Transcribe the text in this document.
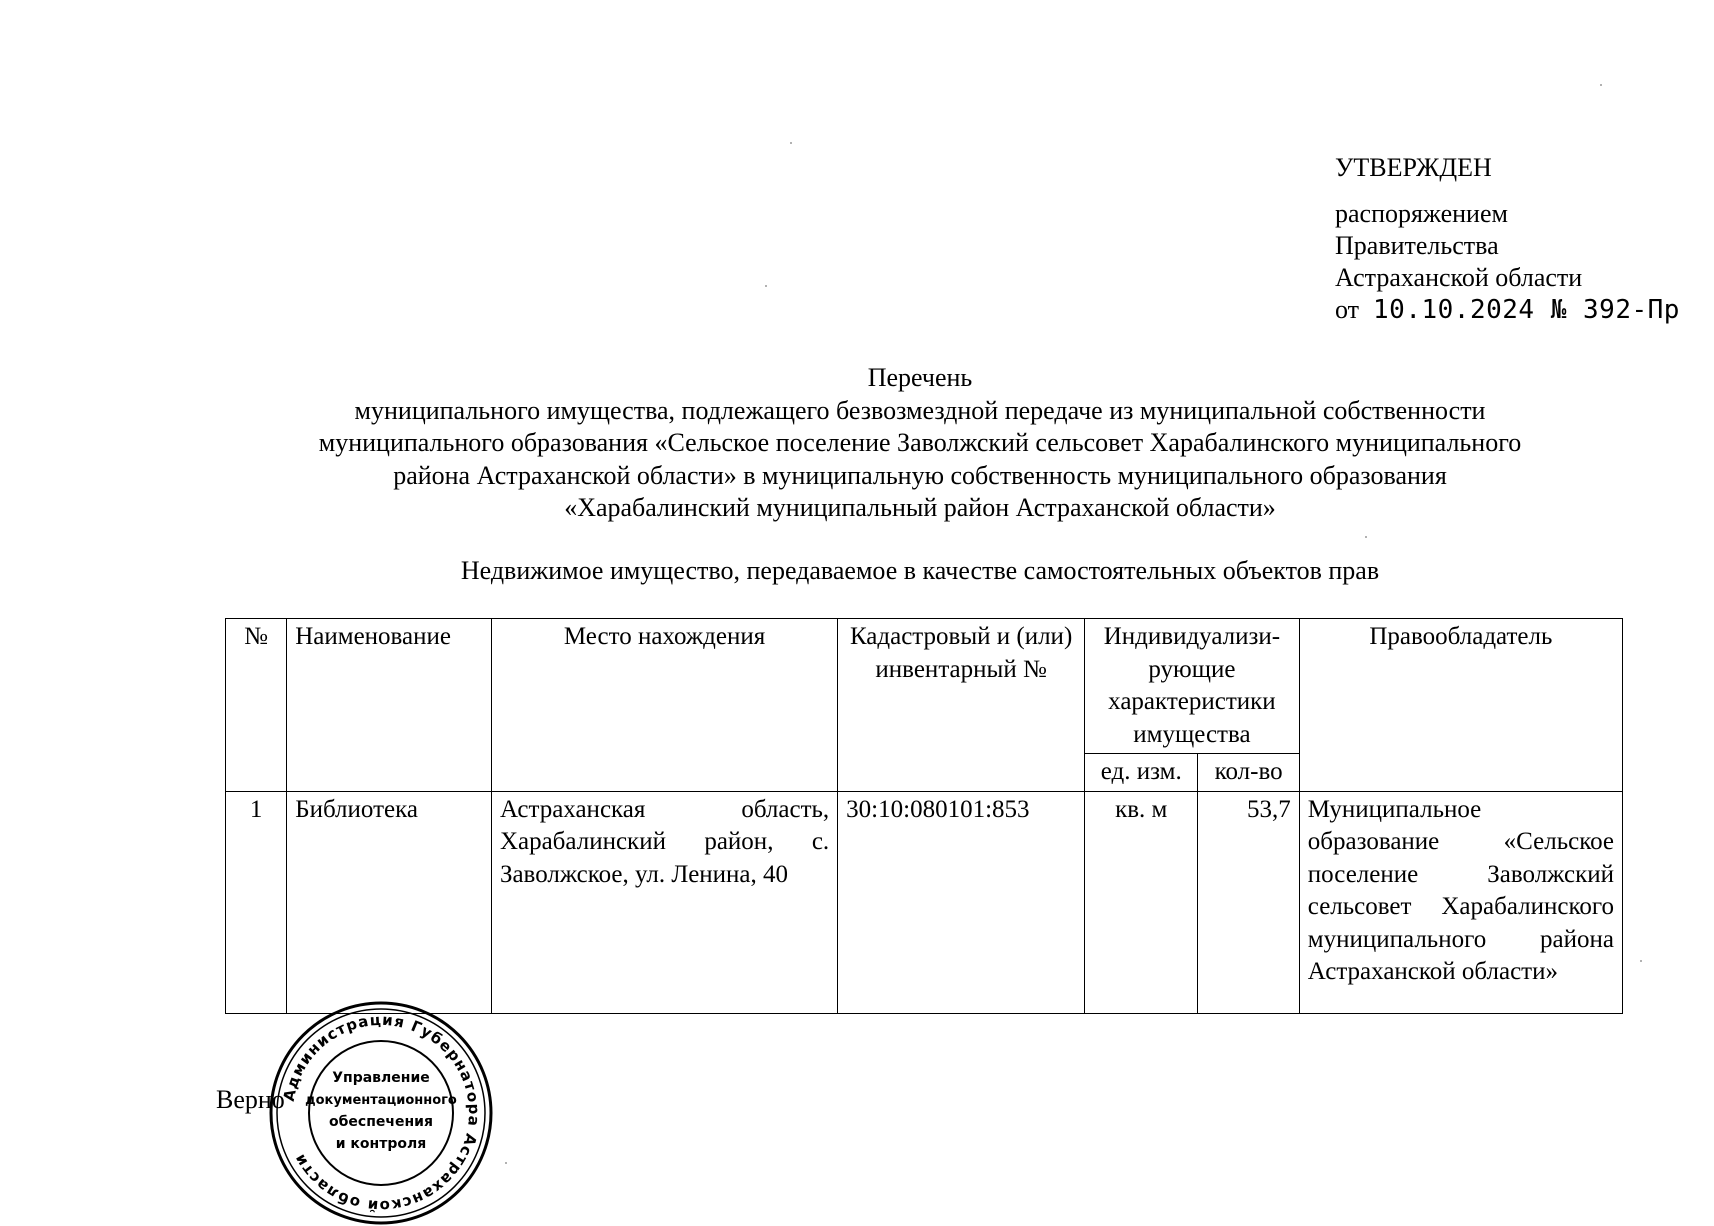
УТВЕРЖДЕН
распоряжением
Правительства
Астраханской области
от 10.10.2024 № 392-Пр
Перечень
муниципального имущества, подлежащего безвозмездной передаче из муниципальной собственности
муниципального образования «Сельское поселение Заволжский сельсовет Харабалинского муниципального
района Астраханской области» в муниципальную собственность муниципального образования
«Харабалинский муниципальный район Астраханской области»
Недвижимое имущество, передаваемое в качестве самостоятельных объектов прав
№	Наименование	Место нахождения	Кадастровый и (или) инвентарный №	Индивидуализи-рующие характеристики имущества		Правообладатель
				ед. изм.	кол-во	
1	Библиотека	Астраханская область, Харабалинский район, с. Заволжское, ул. Ленина, 40	30:10:080101:853	кв. м	53,7	Муниципальное образование «Сельское поселение Заволжский сельсовет Харабалинского муниципального района Астраханской области»
Верно
Администрация Губернатора Астраханской области
Управление
документационного
обеспечения
и контроля
